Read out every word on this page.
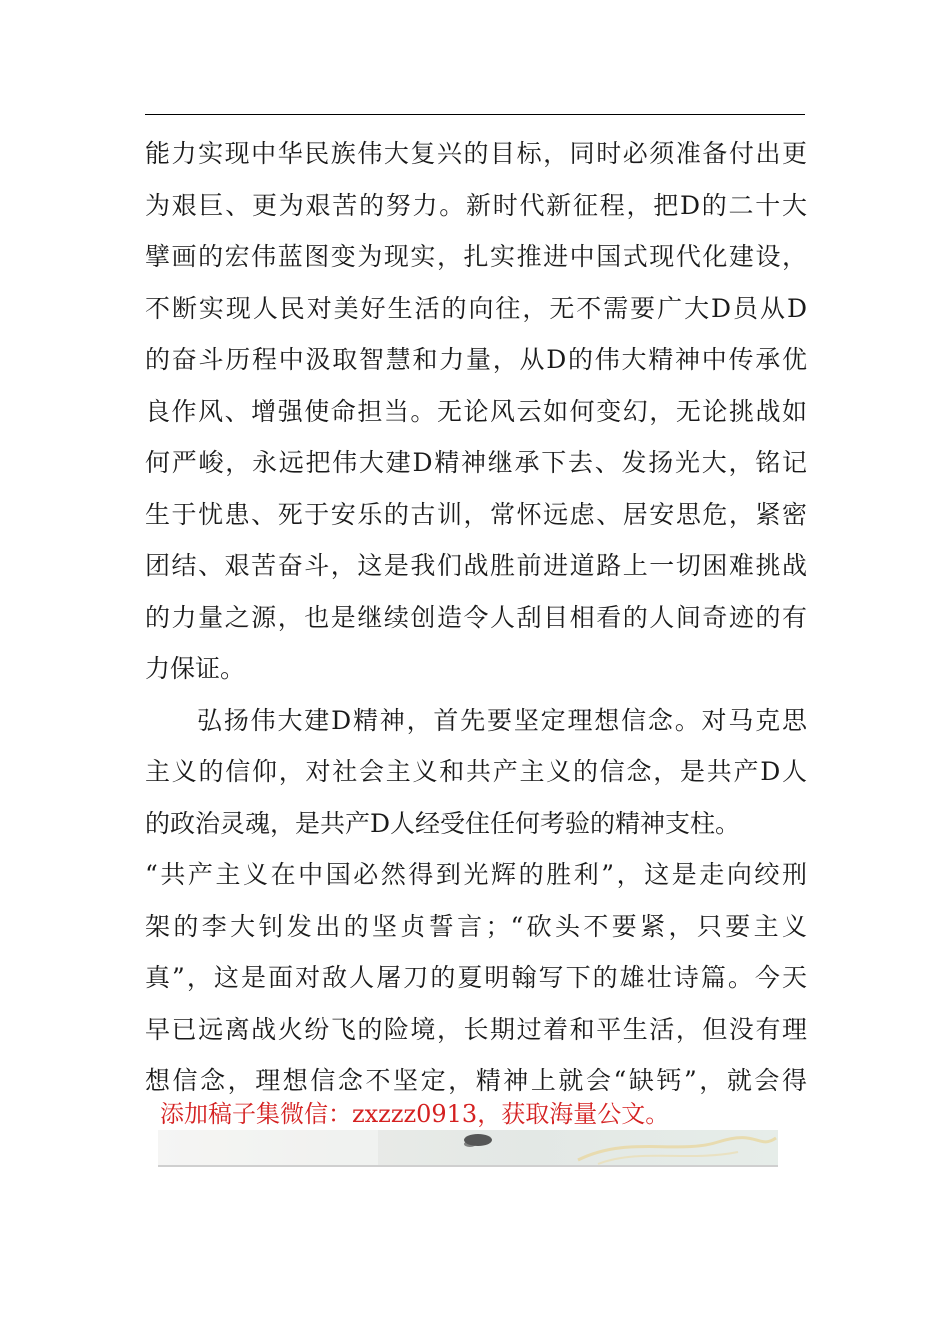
能力实现中华民族伟大复兴的目标，同时必须准备付出更
为艰巨、更为艰苦的努力。新时代新征程，把D的二十大
擘画的宏伟蓝图变为现实，扎实推进中国式现代化建设，
不断实现人民对美好生活的向往，无不需要广大D员从D
的奋斗历程中汲取智慧和力量，从D的伟大精神中传承优
良作风、增强使命担当。无论风云如何变幻，无论挑战如
何严峻，永远把伟大建D精神继承下去、发扬光大，铭记
生于忧患、死于安乐的古训，常怀远虑、居安思危，紧密
团结、艰苦奋斗，这是我们战胜前进道路上一切困难挑战
的力量之源，也是继续创造令人刮目相看的人间奇迹的有
力保证。
弘扬伟大建D精神，首先要坚定理想信念。对马克思
主义的信仰，对社会主义和共产主义的信念，是共产D人
的政治灵魂，是共产D人经受住任何考验的精神支柱。
“共产主义在中国必然得到光辉的胜利”，这是走向绞刑
架的李大钊发出的坚贞誓言；“砍头不要紧，只要主义
真”，这是面对敌人屠刀的夏明翰写下的雄壮诗篇。今天
早已远离战火纷飞的险境，长期过着和平生活，但没有理
想信念，理想信念不坚定，精神上就会“缺钙”，就会得
添加稿子集微信：zxzzz0913，获取海量公文。
